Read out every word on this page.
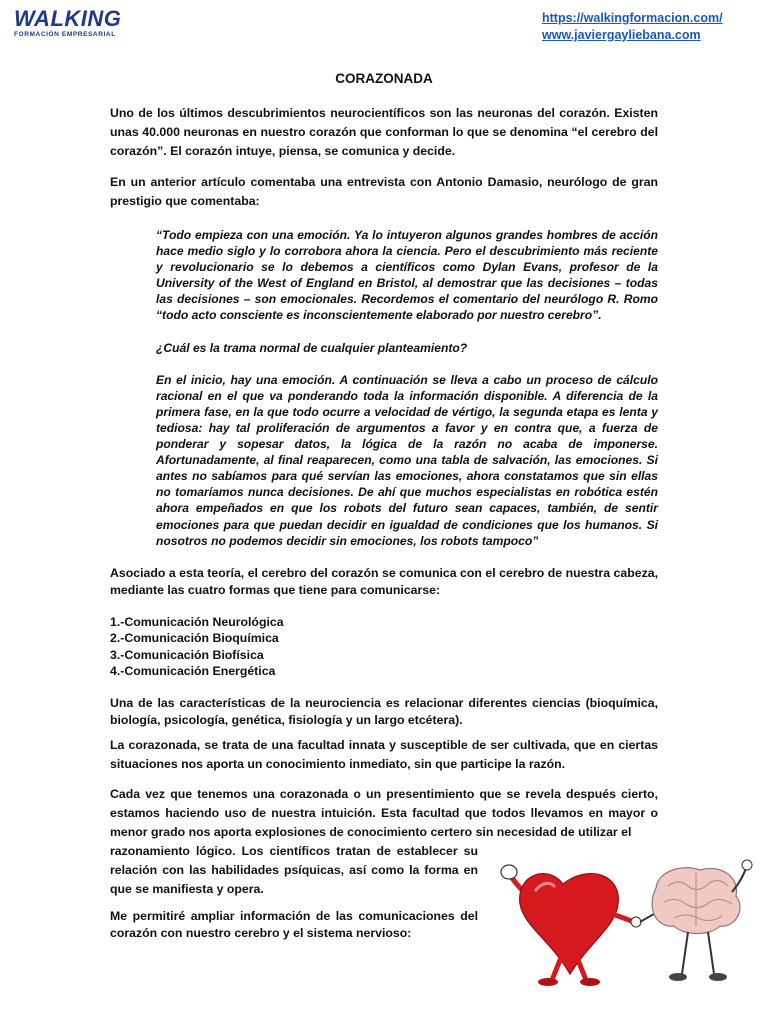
WALKING
FORMACIÓN EMPRESARIAL
https://walkingformacion.com/
www.javiergayliebana.com
CORAZONADA

Uno de los últimos descubrimientos neurocientíficos son las neuronas del corazón. Existen unas 40.000 neuronas en nuestro corazón que conforman lo que se denomina “el cerebro del corazón”. El corazón intuye, piensa, se comunica y decide.

En un anterior artículo comentaba una entrevista con Antonio Damasio, neurólogo de gran prestigio que comentaba:

“Todo empieza con una emoción. Ya lo intuyeron algunos grandes hombres de acción hace medio siglo y lo corrobora ahora la ciencia. Pero el descubrimiento más reciente y revolucionario se lo debemos a científicos como Dylan Evans, profesor de la University of the West of England en Bristol, al demostrar que las decisiones – todas las decisiones – son emocionales. Recordemos el comentario del neurólogo R. Romo “todo acto consciente es inconscientemente elaborado por nuestro cerebro”.

¿Cuál es la trama normal de cualquier planteamiento?

En el inicio, hay una emoción. A continuación se lleva a cabo un proceso de cálculo racional en el que va ponderando toda la información disponible. A diferencia de la primera fase, en la que todo ocurre a velocidad de vértigo, la segunda etapa es lenta y tediosa: hay tal proliferación de argumentos a favor y en contra que, a fuerza de ponderar y sopesar datos, la lógica de la razón no acaba de imponerse. Afortunadamente, al final reaparecen, como una tabla de salvación, las emociones. Si antes no sabíamos para qué servían las emociones, ahora constatamos que sin ellas no tomaríamos nunca decisiones. De ahí que muchos especialistas en robótica estén ahora empeñados en que los robots del futuro sean capaces, también, de sentir emociones para que puedan decidir en igualdad de condiciones que los humanos. Si nosotros no podemos decidir sin emociones, los robots tampoco”

Asociado a esta teoría, el cerebro del corazón se comunica con el cerebro de nuestra cabeza, mediante las cuatro formas que tiene para comunicarse:

1.-Comunicación Neurológica

2.-Comunicación Bioquímica

3.-Comunicación Biofísica

4.-Comunicación Energética

Una de las características de la neurociencia es relacionar diferentes ciencias (bioquímica, biología, psicología, genética, fisiología y un largo etcétera).

La corazonada, se trata de una facultad innata y susceptible de ser cultivada, que en ciertas situaciones nos aporta un conocimiento inmediato, sin que participe la razón.

Cada vez que tenemos una corazonada o un presentimiento que se revela después cierto, estamos haciendo uso de nuestra intuición. Esta facultad que todos llevamos en mayor o menor grado nos aporta explosiones de conocimiento certero sin necesidad de utilizar el

razonamiento lógico. Los científicos tratan de establecer su relación con las habilidades psíquicas, así como la forma en que se manifiesta y opera.

Me permitiré ampliar información de las comunicaciones del corazón con nuestro cerebro y el sistema nervioso:
